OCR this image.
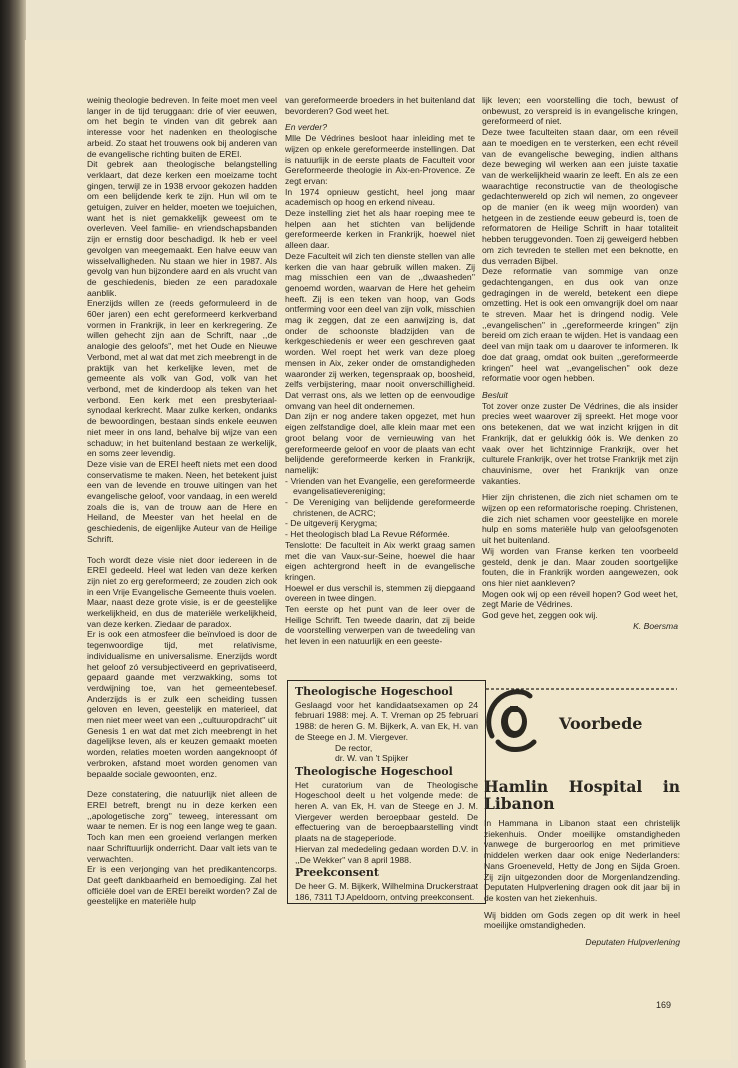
weinig theologie bedreven. In feite moet men veel langer in de tijd teruggaan: drie of vier eeuwen, om het begin te vinden van dit gebrek aan interesse voor het nadenken en theologische arbeid. Zo staat het trouwens ook bij anderen van de evangelische richting buiten de EREI.

Dit gebrek aan theologische belangstelling verklaart, dat deze kerken een moeizame tocht gingen, terwijl ze in 1938 ervoor gekozen hadden om een belijdende kerk te zijn. Hun wil om te getuigen, zuiver en helder, moeten we toejuichen, want het is niet gemakkelijk geweest om te overleven. Veel familie- en vriendschapsbanden zijn er ernstig door beschadigd. Ik heb er veel gevolgen van meegemaakt. Een halve eeuw van wisselvalligheden. Nu staan we hier in 1987. Als gevolg van hun bijzondere aard en als vrucht van de geschiedenis, bieden ze een paradoxale aanblik.

Enerzijds willen ze (reeds geformuleerd in de 60er jaren) een echt gereformeerd kerkverband vormen in Frankrijk, in leer en kerkregering. Ze willen gehecht zijn aan de Schrift, naar ,,de analogie des geloofs'', met het Oude en Nieuwe Verbond, met al wat dat met zich meebrengt in de praktijk van het kerkelijke leven, met de gemeente als volk van God, volk van het verbond, met de kinderdoop als teken van het verbond. Een kerk met een presbyteriaal-synodaal kerkrecht. Maar zulke kerken, ondanks de bewoordingen, bestaan sinds enkele eeuwen niet meer in ons land, behalve bij wijze van een schaduw; in het buitenland bestaan ze werkelijk, en soms zeer levendig.

Deze visie van de EREI heeft niets met een dood conservatisme te maken. Neen, het betekent juist een van de levende en trouwe uitingen van het evangelische geloof, voor vandaag, in een wereld zoals die is, van de trouw aan de Here en Heiland, de Meester van het heelal en de geschiedenis, de eigenlijke Auteur van de Heilige Schrift.

Toch wordt deze visie niet door iedereen in de EREI gedeeld. Heel wat leden van deze kerken zijn niet zo erg gereformeerd; ze zouden zich ook in een Vrije Evangelische Gemeente thuis voelen.

Maar, naast deze grote visie, is er de geestelijke werkelijkheid, en dus de materiële werkelijkheid, van deze kerken. Ziedaar de paradox.

Er is ook een atmosfeer die beïnvloed is door de tegenwoordige tijd, met relativisme, individualisme en universalisme. Enerzijds wordt het geloof zó versubjectiveerd en geprivatiseerd, gepaard gaande met verzwakking, soms tot verdwijning toe, van het gemeentebesef. Anderzijds is er zulk een scheiding tussen geloven en leven, geestelijk en materieel, dat men niet meer weet van een ,,cultuuropdracht'' uit Genesis 1 en wat dat met zich meebrengt in het dagelijkse leven, als er keuzen gemaakt moeten worden, relaties moeten worden aangeknoopt óf verbroken, afstand moet worden genomen van bepaalde sociale gewoonten, enz.

Deze constatering, die natuurlijk niet alleen de EREI betreft, brengt nu in deze kerken een ,,apologetische zorg'' teweeg, interessant om waar te nemen. Er is nog een lange weg te gaan. Toch kan men een groeiend verlangen merken naar Schriftuurlijk onderricht. Daar valt iets van te verwachten.

Er is een verjonging van het predikantencorps. Dat geeft dankbaarheid en bemoediging. Zal het officiële doel van de EREI bereikt worden? Zal de geestelijke en materiële hulp

van gereformeerde broeders in het buitenland dat bevorderen? God weet het.

En verder?

Mlle De Védrines besloot haar inleiding met te wijzen op enkele gereformeerde instellingen. Dat is natuurlijk in de eerste plaats de Faculteit voor Gereformeerde theologie in Aix-en-Provence. Ze zegt ervan:

In 1974 opnieuw gesticht, heel jong maar academisch op hoog en erkend niveau.

Deze instelling ziet het als haar roeping mee te helpen aan het stichten van belijdende gereformeerde kerken in Frankrijk, hoewel niet alleen daar.

Deze Faculteit wil zich ten dienste stellen van alle kerken die van haar gebruik willen maken. Zij mag misschien een van de ,,dwaasheden'' genoemd worden, waarvan de Here het geheim heeft. Zij is een teken van hoop, van Gods ontferming voor een deel van zijn volk, misschien mag ik zeggen, dat ze een aanwijzing is, dat onder de schoonste bladzijden van de kerkgeschiedenis er weer een geschreven gaat worden. Wel roept het werk van deze ploeg mensen in Aix, zeker onder de omstandigheden waaronder zij werken, tegenspraak op, boosheid, zelfs verbijstering, maar nooit onverschilligheid. Dat verrast ons, als we letten op de eenvoudige omvang van heel dit ondernemen.

Dan zijn er nog andere taken opgezet, met hun eigen zelfstandige doel, alle klein maar met een groot belang voor de vernieuwing van het gereformeerde geloof en voor de plaats van echt belijdende gereformeerde kerken in Frankrijk, namelijk:

- Vrienden van het Evangelie, een gereformeerde evangelisatievereniging;
- De Vereniging van belijdende gereformeerde christenen, de ACRC;
- De uitgeverij Kerygma;
- Het theologisch blad La Revue Réformée.

Tenslotte: De faculteit in Aix werkt graag samen met die van Vaux-sur-Seine, hoewel die haar eigen achtergrond heeft in de evangelische kringen.

Hoewel er dus verschil is, stemmen zij diepgaand overeen in twee dingen.

Ten eerste op het punt van de leer over de Heilige Schrift. Ten tweede daarin, dat zij beide de voorstelling verwerpen van de tweedeling van het leven in een natuurlijk en een geeste-

lijk leven; een voorstelling die toch, bewust of onbewust, zo verspreid is in evangelische kringen, gereformeerd of niet.

Deze twee faculteiten staan daar, om een réveil aan te moedigen en te versterken, een echt réveil van de evangelische beweging, indien althans deze beweging wil werken aan een juiste taxatie van de werkelijkheid waarin ze leeft. En als ze een waarachtige reconstructie van de theologische gedachtenwereld op zich wil nemen, zo ongeveer op de manier (en ik weeg mijn woorden) van hetgeen in de zestiende eeuw gebeurd is, toen de reformatoren de Heilige Schrift in haar totaliteit hebben teruggevonden. Toen zij geweigerd hebben om zich tevreden te stellen met een beknotte, en dus verraden Bijbel.

Deze reformatie van sommige van onze gedachtengangen, en dus ook van onze gedragingen in de wereld, betekent een diepe omzetting. Het is ook een omvangrijk doel om naar te streven. Maar het is dringend nodig. Vele ,,evangelischen'' in ,,gereformeerde kringen'' zijn bereid om zich eraan te wijden. Het is vandaag een deel van mijn taak om u daarover te informeren. Ik doe dat graag, omdat ook buiten ,,gereformeerde kringen'' heel wat ,,evangelischen'' ook deze reformatie voor ogen hebben.

Besluit

Tot zover onze zuster De Védrines, die als insider precies weet waarover zij spreekt. Het moge voor ons betekenen, dat we wat inzicht krijgen in dit Frankrijk, dat er gelukkig óók is. We denken zo vaak over het lichtzinnige Frankrijk, over het culturele Frankrijk, over het trotse Frankrijk met zijn chauvinisme, over het Frankrijk van onze vakanties.

Hier zijn christenen, die zich niet schamen om te wijzen op een reformatorische roeping. Christenen, die zich niet schamen voor geestelijke en morele hulp en soms materiële hulp van geloofsgenoten uit het buitenland.

Wij worden van Franse kerken ten voorbeeld gesteld, denk je dan. Maar zouden soortgelijke fouten, die in Frankrijk worden aangewezen, ook ons hier niet aankleven?

Mogen ook wij op een réveil hopen? God weet het, zegt Marie de Védrines.

God geve het, zeggen ook wij.

K. Boersma

Theologische Hogeschool

Geslaagd voor het kandidaatsexamen op 24 februari 1988: mej. A. T. Vreman op 25 februari 1988: de heren G. M. Bijkerk, A. van Ek, H. van de Steege en J. M. Viergever.

De rector,

dr. W. van 't Spijker

Theologische Hogeschool

Het curatorium van de Theologische Hogeschool deelt u het volgende mede: de heren A. van Ek, H. van de Steege en J. M. Viergever werden beroepbaar gesteld. De effectuering van de beroepbaarstelling vindt plaats na de stageperiode.

Hiervan zal mededeling gedaan worden D.V. in ,,De Wekker'' van 8 april 1988.

Preekconsent

De heer G. M. Bijkerk, Wilhelmina Druckerstraat 186, 7311 TJ Apeldoorn, ontving preekconsent.

Voorbede
Hamlin Hospital in Libanon

In Hammana in Libanon staat een christelijk ziekenhuis. Onder moeilijke omstandigheden vanwege de burgeroorlog en met primitieve middelen werken daar ook enige Nederlanders: Nans Groeneveld, Hetty de Jong en Sijda Groen. Zij zijn uitgezonden door de Morgenlandzending. Deputaten Hulpverlening dragen ook dit jaar bij in de kosten van het ziekenhuis.

Wij bidden om Gods zegen op dit werk in heel moeilijke omstandigheden.

Deputaten Hulpverlening

169
